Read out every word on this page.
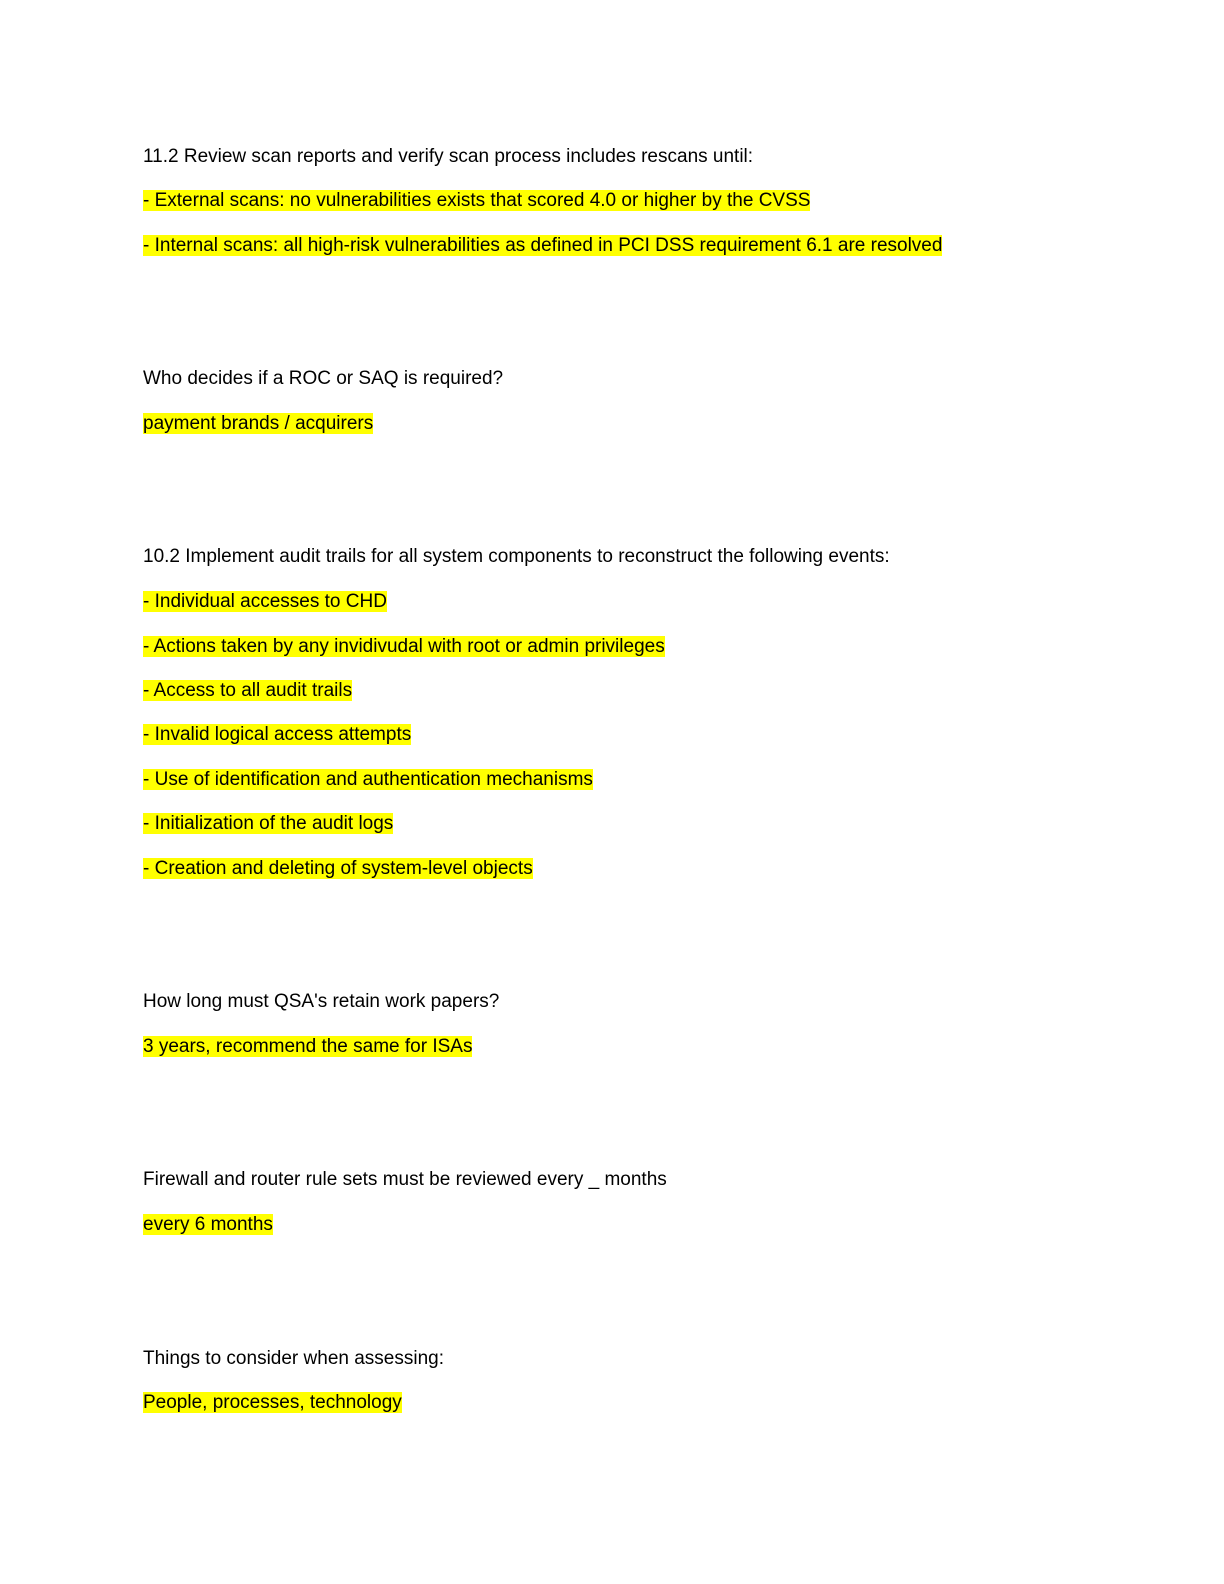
11.2 Review scan reports and verify scan process includes rescans until:
- External scans: no vulnerabilities exists that scored 4.0 or higher by the CVSS
- Internal scans: all high-risk vulnerabilities as defined in PCI DSS requirement 6.1 are resolved
Who decides if a ROC or SAQ is required?
payment brands / acquirers
10.2 Implement audit trails for all system components to reconstruct the following events:
- Individual accesses to CHD
- Actions taken by any invidivudal with root or admin privileges
- Access to all audit trails
- Invalid logical access attempts
- Use of identification and authentication mechanisms
- Initialization of the audit logs
- Creation and deleting of system-level objects
How long must QSA's retain work papers?
3 years, recommend the same for ISAs
Firewall and router rule sets must be reviewed every _ months
every 6 months
Things to consider when assessing:
People, processes, technology
